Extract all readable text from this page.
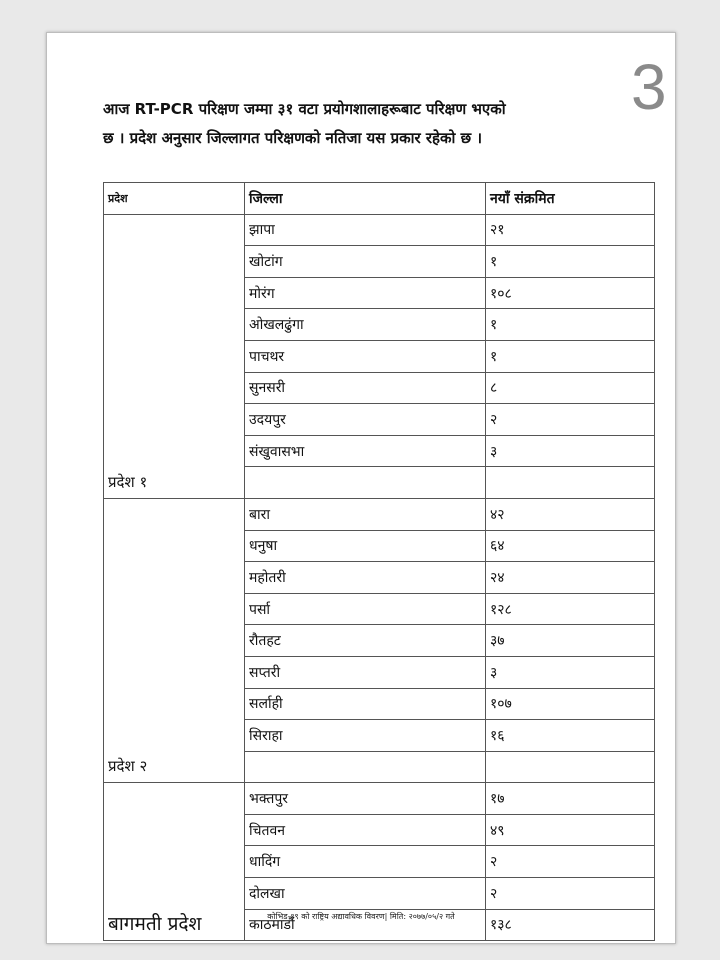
3
आज RT-PCR परिक्षण जम्मा ३१ वटा प्रयोगशालाहरूबाट परिक्षण भएको
छ । प्रदेश अनुसार जिल्लागत परिक्षणको नतिजा यस प्रकार रहेको छ ।
प्रदेश	जिल्ला	नयाँ संक्रमित
प्रदेश १	झापा	२१
	खोटांग	१
	मोरंग	१०८
	ओखलढुंगा	१
	पाचथर	१
	सुनसरी	८
	उदयपुर	२
	संखुवासभा	३

प्रदेश २	बारा	४२
	धनुषा	६४
	महोतरी	२४
	पर्सा	१२८
	रौतहट	३७
	सप्तरी	३
	सर्लाही	१०७
	सिराहा	१६

बागमती प्रदेश	भक्तपुर	१७
	चितवन	४९
	धादिंग	२
	दोलखा	२
	काठमाडौं	१३८
कोभिड-१९ को राष्ट्रिय अद्यावधिक विवरण| मिति: २०७७/०५/२ गते
